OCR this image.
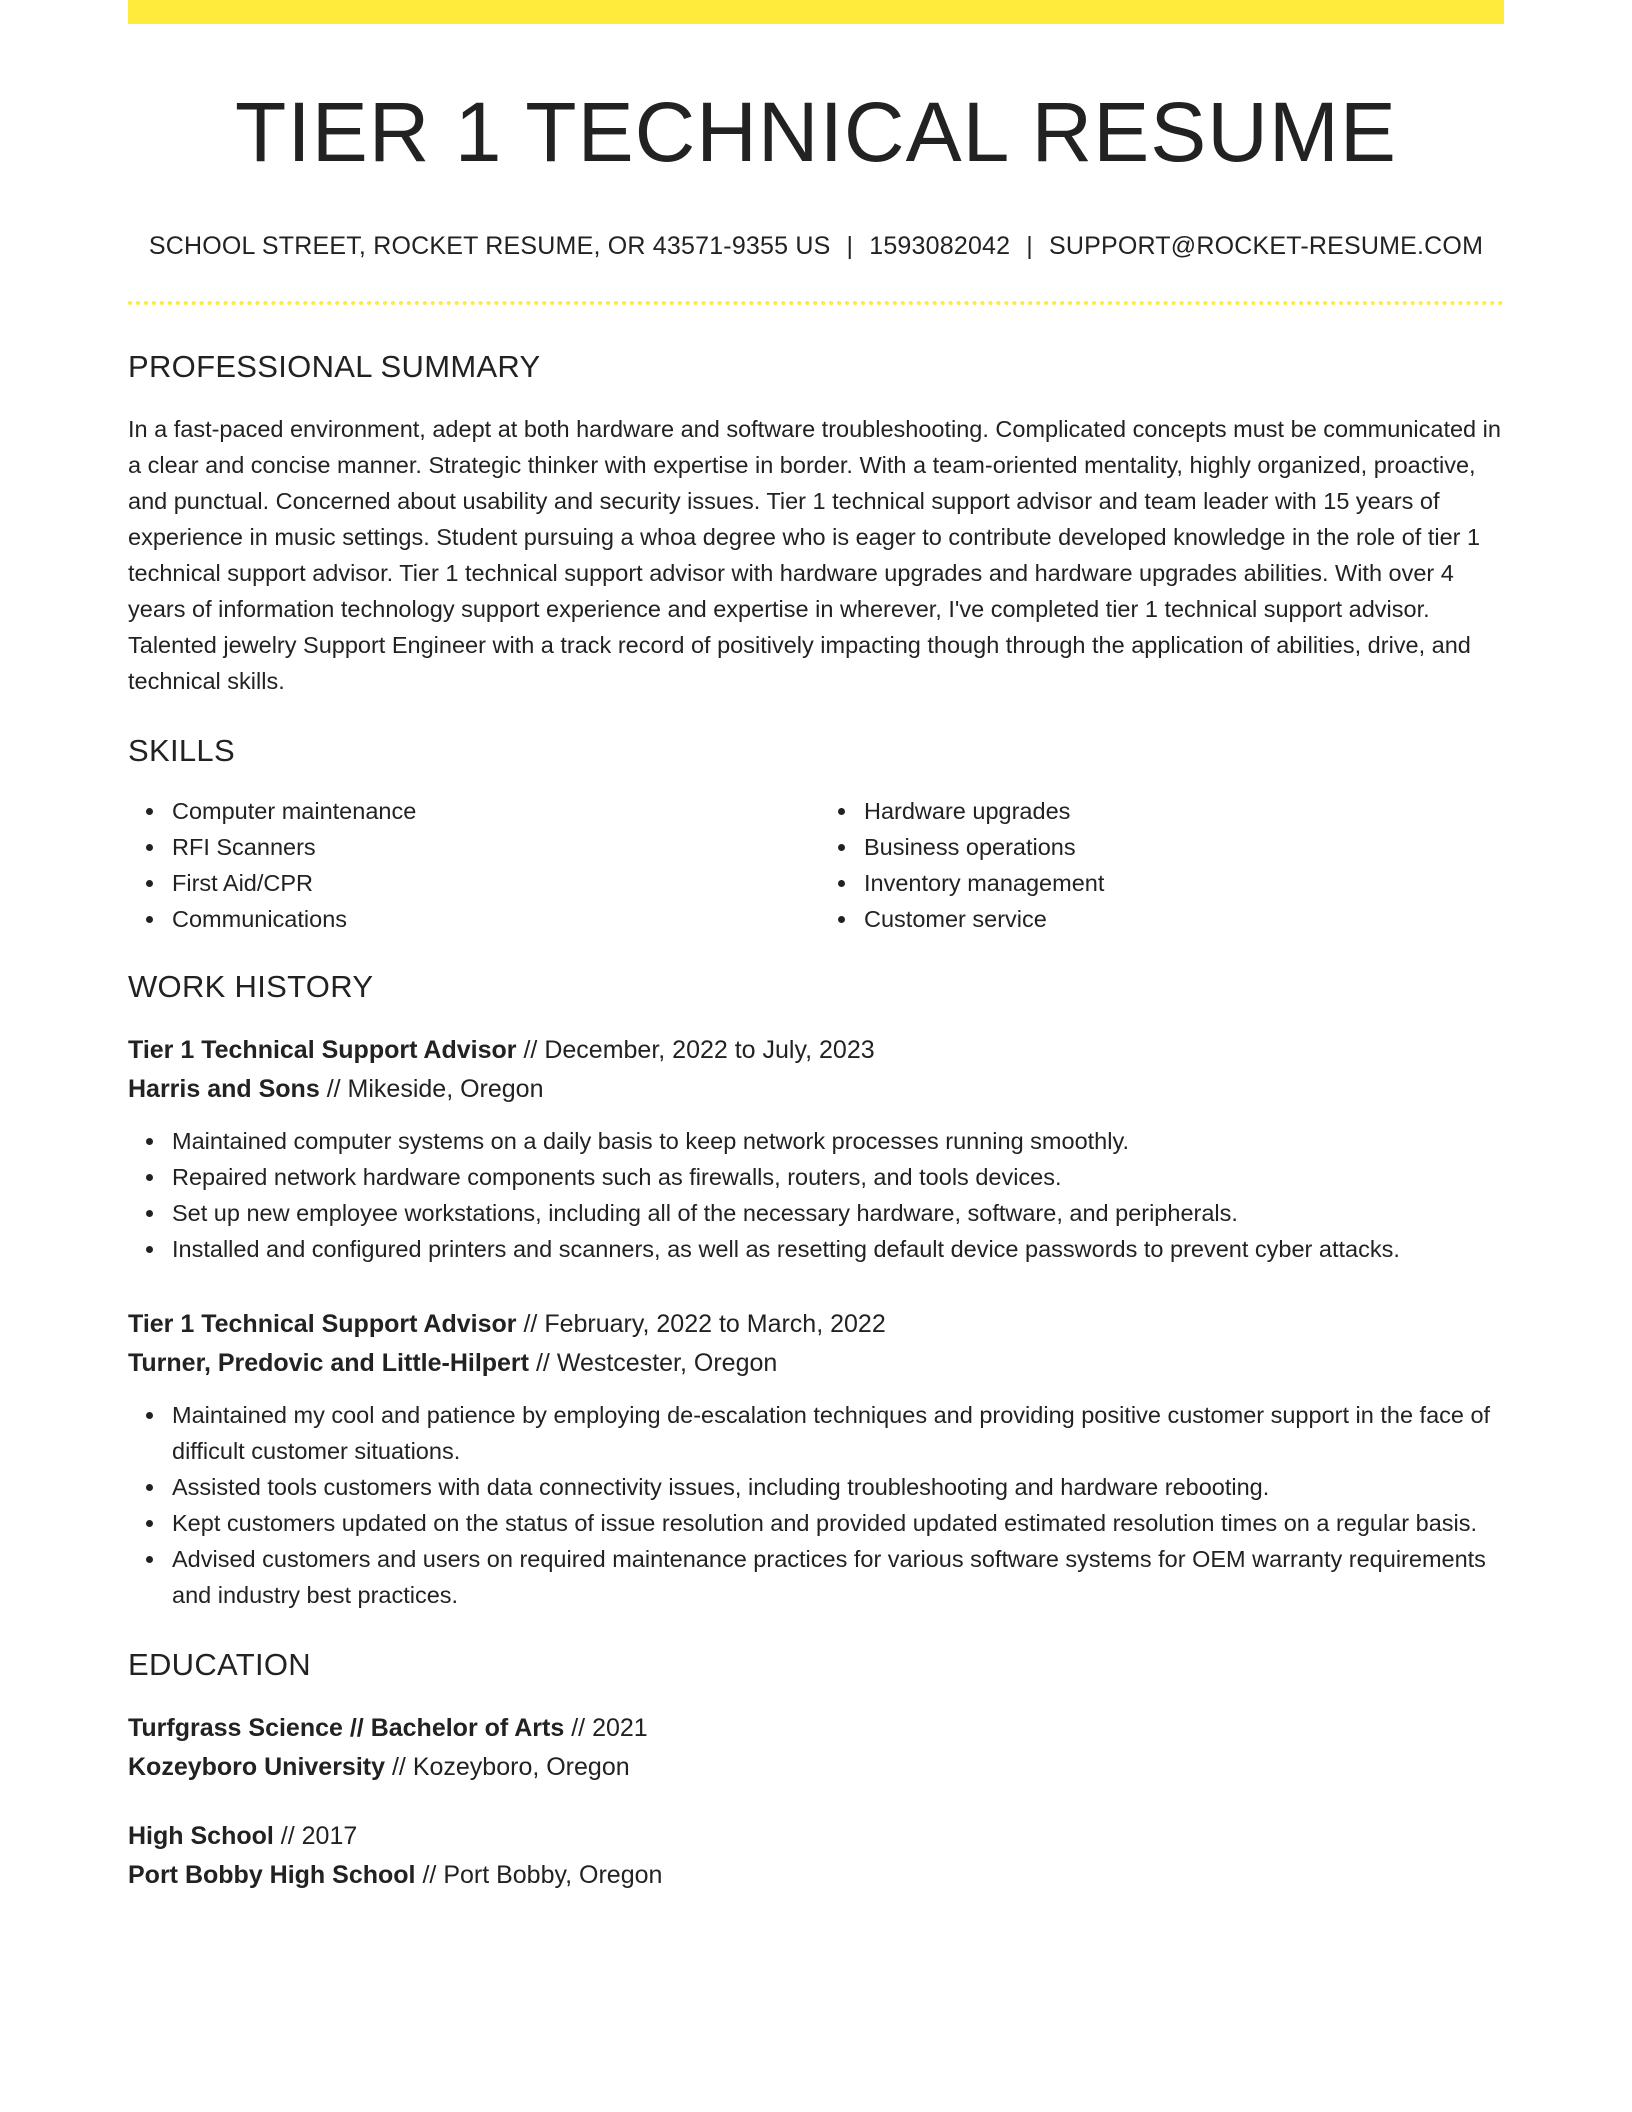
TIER 1 TECHNICAL RESUME
SCHOOL STREET, ROCKET RESUME, OR 43571-9355 US | 1593082042 | SUPPORT@ROCKET-RESUME.COM
PROFESSIONAL SUMMARY

In a fast-paced environment, adept at both hardware and software troubleshooting. Complicated concepts must be communicated in a clear and concise manner. Strategic thinker with expertise in border. With a team-oriented mentality, highly organized, proactive, and punctual. Concerned about usability and security issues. Tier 1 technical support advisor and team leader with 15 years of experience in music settings. Student pursuing a whoa degree who is eager to contribute developed knowledge in the role of tier 1 technical support advisor. Tier 1 technical support advisor with hardware upgrades and hardware upgrades abilities. With over 4 years of information technology support experience and expertise in wherever, I've completed tier 1 technical support advisor. Talented jewelry Support Engineer with a track record of positively impacting though through the application of abilities, drive, and technical skills.

SKILLS
Computer maintenance
RFI Scanners
First Aid/CPR
Communications
Hardware upgrades
Business operations
Inventory management
Customer service
WORK HISTORY
Tier 1 Technical Support Advisor // December, 2022 to July, 2023
Harris and Sons // Mikeside, Oregon
Maintained computer systems on a daily basis to keep network processes running smoothly.
Repaired network hardware components such as firewalls, routers, and tools devices.
Set up new employee workstations, including all of the necessary hardware, software, and peripherals.
Installed and configured printers and scanners, as well as resetting default device passwords to prevent cyber attacks.
Tier 1 Technical Support Advisor // February, 2022 to March, 2022
Turner, Predovic and Little-Hilpert // Westcester, Oregon
Maintained my cool and patience by employing de-escalation techniques and providing positive customer support in the face of difficult customer situations.
Assisted tools customers with data connectivity issues, including troubleshooting and hardware rebooting.
Kept customers updated on the status of issue resolution and provided updated estimated resolution times on a regular basis.
Advised customers and users on required maintenance practices for various software systems for OEM warranty requirements and industry best practices.
EDUCATION
Turfgrass Science // Bachelor of Arts // 2021
Kozeyboro University // Kozeyboro, Oregon
High School // 2017
Port Bobby High School // Port Bobby, Oregon
